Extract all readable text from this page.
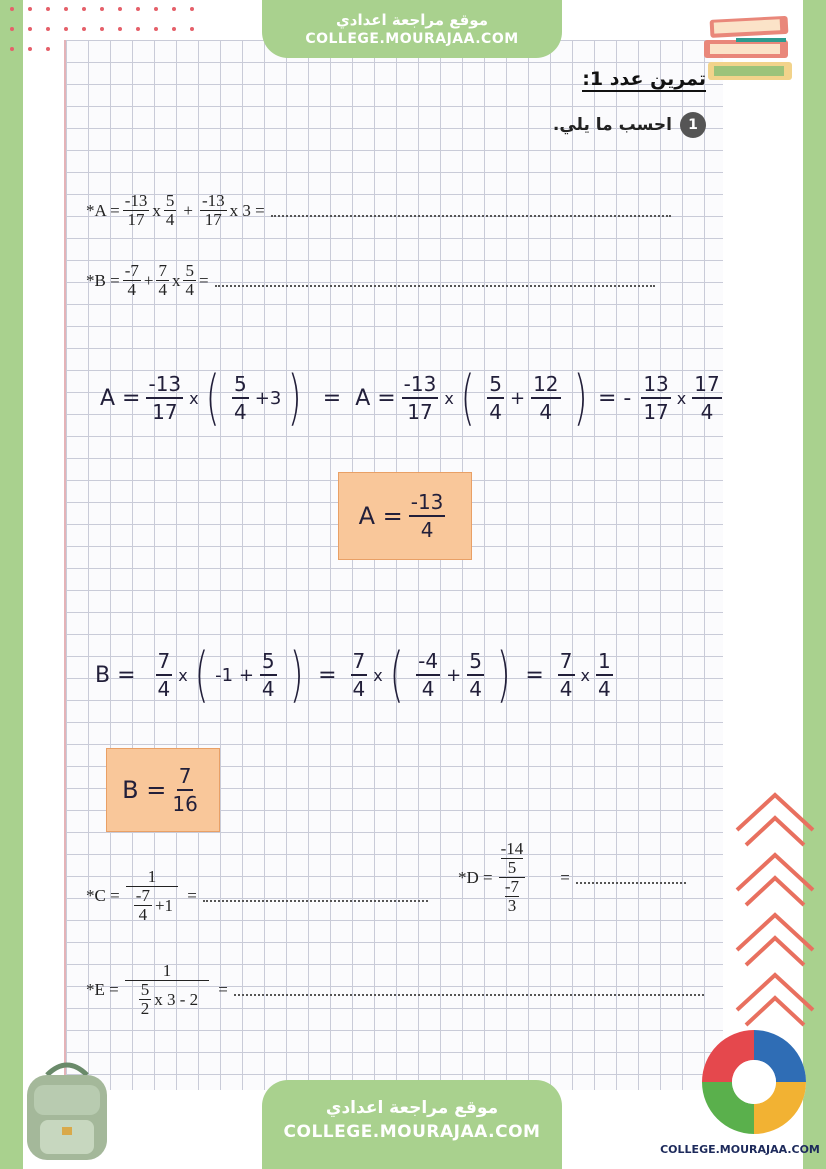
موقع مراجعة اعدادي
COLLEGE.MOURAJAA.COM
تمرين عدد 1:
1
احسب ما يلي.
$*A = \frac{-13}{17}$ x $\frac{5}{4} + \frac{-13}{17}$ x 3 =
$*B = \frac{-7}{4} + \frac{7}{4}$ x $\frac{5}{4}$ =
$A = \frac{-13}{17}$ x ( $\frac{5}{4} +3$ ) = $A = \frac{-13}{17}$ x ( $\frac{5}{4} + \frac{12}{4}$ ) = - $\frac{13}{17}$ x $\frac{17}{4}$
$A = \frac{-13}{4}$
$B = \frac{7}{4}$ x ( $-1 + \frac{5}{4}$ ) = $\frac{7}{4}$ x ( $\frac{-4}{4} + \frac{5}{4}$ ) = $\frac{7}{4}$ x $\frac{1}{4}$
$B = \frac{7}{16}$
$*C = \frac{1}{\frac{-7}{4} +1}$ =
*D = -14
5
-7
3 =
$*E = \frac{1}{\frac{5}{2} x 3 - 2}$ =
موقع مراجعة اعدادي
COLLEGE.MOURAJAA.COM
COLLEGE.MOURAJAA.COM
